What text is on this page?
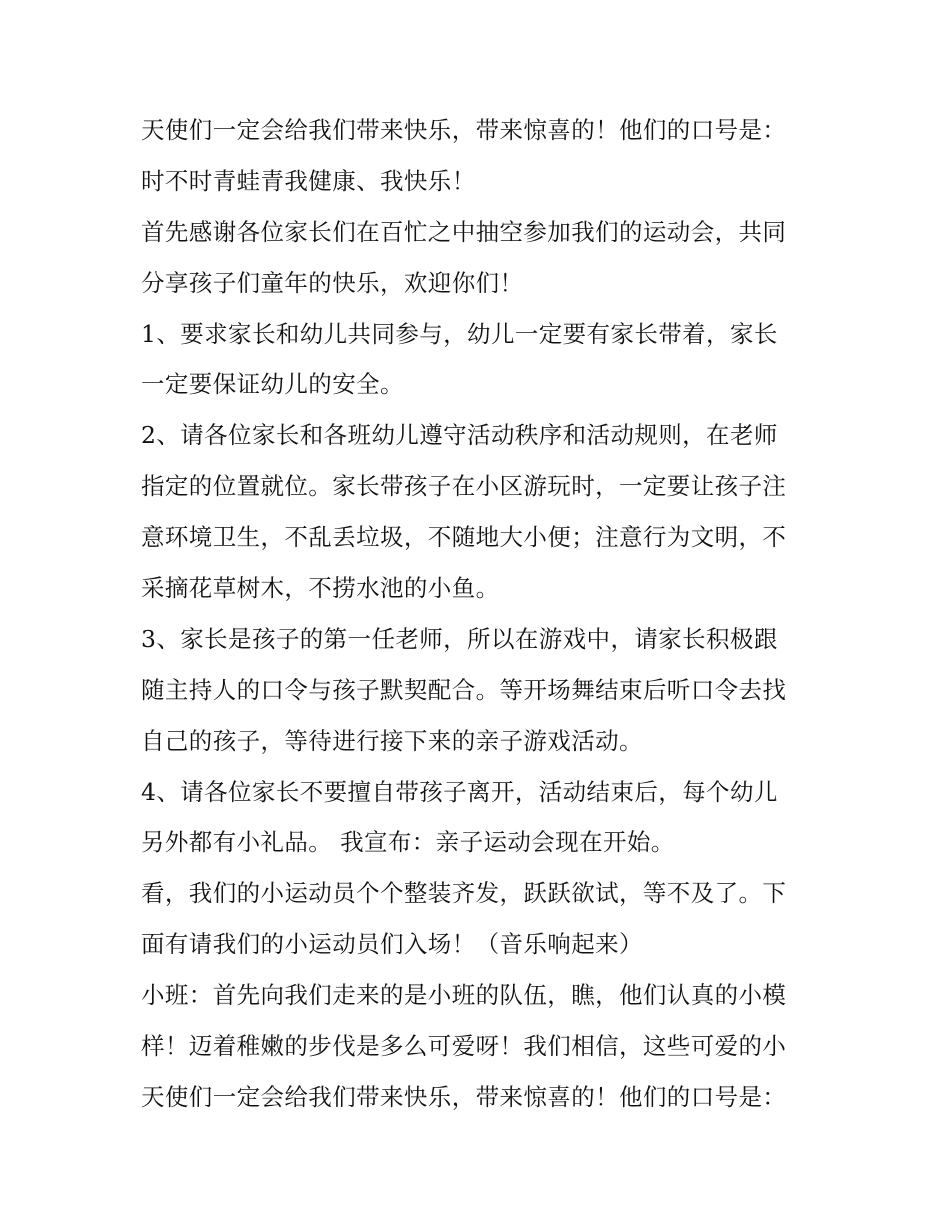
天使们一定会给我们带来快乐，带来惊喜的！他们的口号是：
时不时青蛙青我健康、我快乐！
首先感谢各位家长们在百忙之中抽空参加我们的运动会，共同
分享孩子们童年的快乐，欢迎你们！
1、要求家长和幼儿共同参与，幼儿一定要有家长带着，家长
一定要保证幼儿的安全。
2、请各位家长和各班幼儿遵守活动秩序和活动规则，在老师
指定的位置就位。家长带孩子在小区游玩时，一定要让孩子注
意环境卫生，不乱丢垃圾，不随地大小便；注意行为文明，不
采摘花草树木，不捞水池的小鱼。
3、家长是孩子的第一任老师，所以在游戏中，请家长积极跟
随主持人的口令与孩子默契配合。等开场舞结束后听口令去找
自己的孩子，等待进行接下来的亲子游戏活动。
4、请各位家长不要擅自带孩子离开，活动结束后，每个幼儿
另外都有小礼品。 我宣布：亲子运动会现在开始。
看，我们的小运动员个个整装齐发，跃跃欲试，等不及了。下
面有请我们的小运动员们入场！（音乐响起来）
小班：首先向我们走来的是小班的队伍，瞧，他们认真的小模
样！迈着稚嫩的步伐是多么可爱呀！我们相信，这些可爱的小
天使们一定会给我们带来快乐，带来惊喜的！他们的口号是：
